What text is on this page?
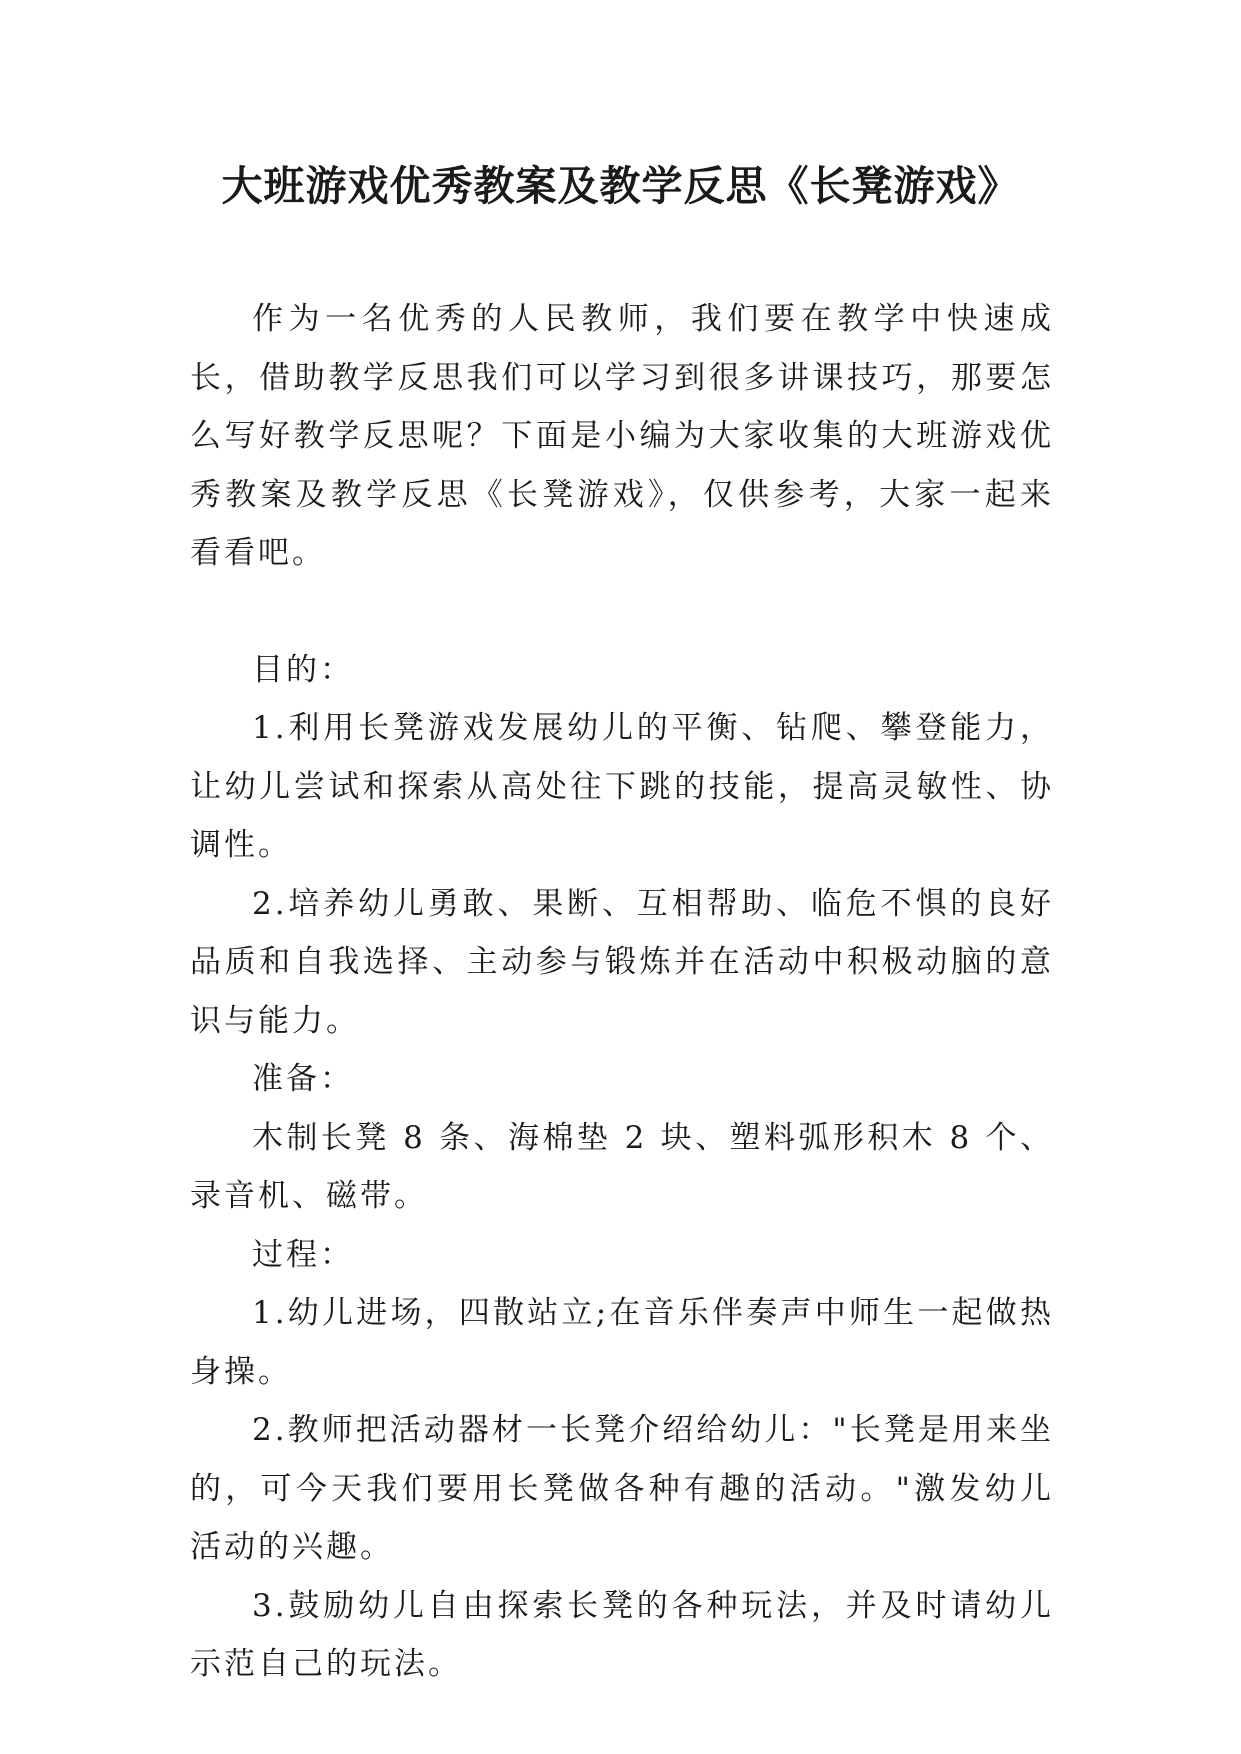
大班游戏优秀教案及教学反思《长凳游戏》

作为一名优秀的人民教师，我们要在教学中快速成长，借助教学反思我们可以学习到很多讲课技巧，那要怎么写好教学反思呢？下面是小编为大家收集的大班游戏优秀教案及教学反思《长凳游戏》，仅供参考，大家一起来看看吧。

目的：

1.利用长凳游戏发展幼儿的平衡、钻爬、攀登能力，让幼儿尝试和探索从高处往下跳的技能，提高灵敏性、协调性。

2.培养幼儿勇敢、果断、互相帮助、临危不惧的良好品质和自我选择、主动参与锻炼并在活动中积极动脑的意识与能力。

准备：

木制长凳 8 条、海棉垫 2 块、塑料弧形积木 8 个、录音机、磁带。

过程：

1.幼儿进场，四散站立;在音乐伴奏声中师生一起做热身操。

2.教师把活动器材一长凳介绍给幼儿："长凳是用来坐的，可今天我们要用长凳做各种有趣的活动。"激发幼儿活动的兴趣。

3.鼓励幼儿自由探索长凳的各种玩法，并及时请幼儿示范自己的玩法。
